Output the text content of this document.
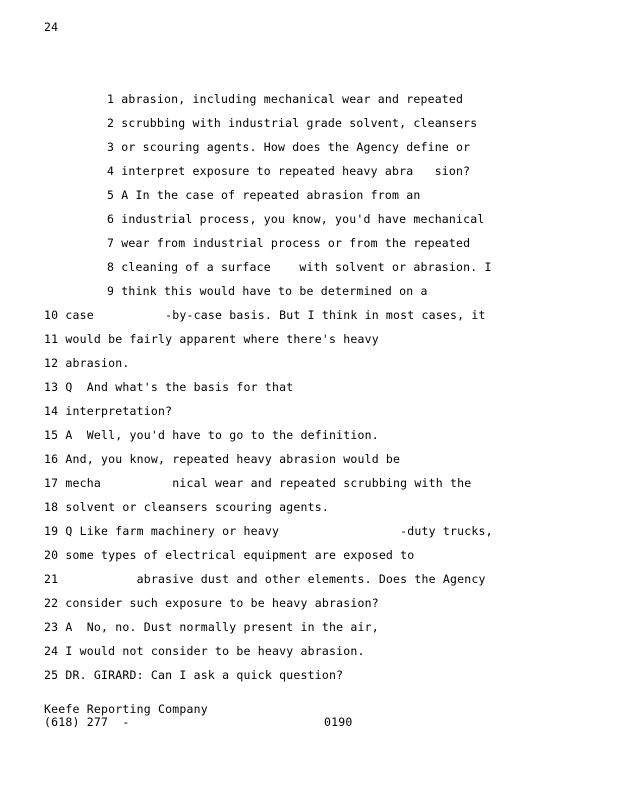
24
1 abrasion, including mechanical wear and repeated
2 scrubbing with industrial grade solvent, cleansers
3 or scouring agents. How does the Agency define or
4 interpret exposure to repeated heavy abra   sion?
5 A In the case of repeated abrasion from an
6 industrial process, you know, you'd have mechanical
7 wear from industrial process or from the repeated
8 cleaning of a surface    with solvent or abrasion. I
9 think this would have to be determined on a
10 case          -by-case basis. But I think in most cases, it
11 would be fairly apparent where there's heavy
12 abrasion.
13 Q  And what's the basis for that
14 interpretation?
15 A  Well, you'd have to go to the definition.
16 And, you know, repeated heavy abrasion would be
17 mecha          nical wear and repeated scrubbing with the
18 solvent or cleansers scouring agents.
19 Q Like farm machinery or heavy                 -duty trucks,
20 some types of electrical equipment are exposed to
21           abrasive dust and other elements. Does the Agency
22 consider such exposure to be heavy abrasion?
23 A  No, no. Dust normally present in the air,
24 I would not consider to be heavy abrasion.
25 DR. GIRARD: Can I ask a quick question?
Keefe Reporting Company
(618) 277  -	0190
